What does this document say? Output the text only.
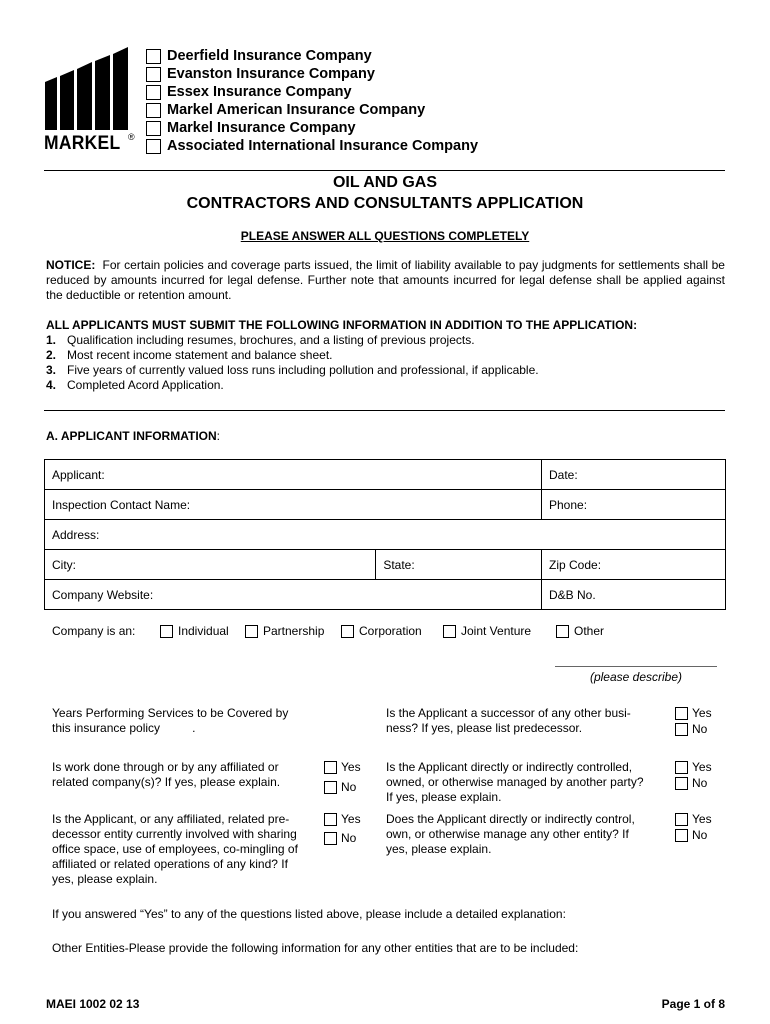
MARKEL ®
Deerfield Insurance Company
Evanston Insurance Company
Essex Insurance Company
Markel American Insurance Company
Markel Insurance Company
Associated International Insurance Company
OIL AND GAS
CONTRACTORS AND CONSULTANTS APPLICATION
PLEASE ANSWER ALL QUESTIONS COMPLETELY
NOTICE: For certain policies and coverage parts issued, the limit of liability available to pay judgments for settlements shall be reduced by amounts incurred for legal defense. Further note that amounts incurred for legal defense shall be applied against the deductible or retention amount.
ALL APPLICANTS MUST SUBMIT THE FOLLOWING INFORMATION IN ADDITION TO THE APPLICATION:
1. Qualification including resumes, brochures, and a listing of previous projects.
2. Most recent income statement and balance sheet.
3. Five years of currently valued loss runs including pollution and professional, if applicable.
4. Completed Acord Application.
A. APPLICANT INFORMATION:
Applicant:		Date:
Inspection Contact Name:		Phone:
Address:		
City:	State:	Zip Code:
Company Website:		D&B No.
Company is an:	Individual	Partnership	Corporation	Joint Venture	Other
(please describe)
Years Performing Services to be Covered by
this insurance policy	.
Is the Applicant a successor of any other busi-
ness? If yes, please list predecessor.
Yes
No
Is work done through or by any affiliated or
related company(s)? If yes, please explain.
Yes
No
Is the Applicant directly or indirectly controlled,
owned, or otherwise managed by another party?
If yes, please explain.
Yes
No
Is the Applicant, or any affiliated, related pre-
decessor entity currently involved with sharing
office space, use of employees, co-mingling of
affiliated or related operations of any kind? If
yes, please explain.
Yes
No
Does the Applicant directly or indirectly control,
own, or otherwise manage any other entity? If
yes, please explain.
Yes
No
If you answered “Yes” to any of the questions listed above, please include a detailed explanation:
Other Entities-Please provide the following information for any other entities that are to be included:
MAEI 1002 02 13	Page 1 of 8
